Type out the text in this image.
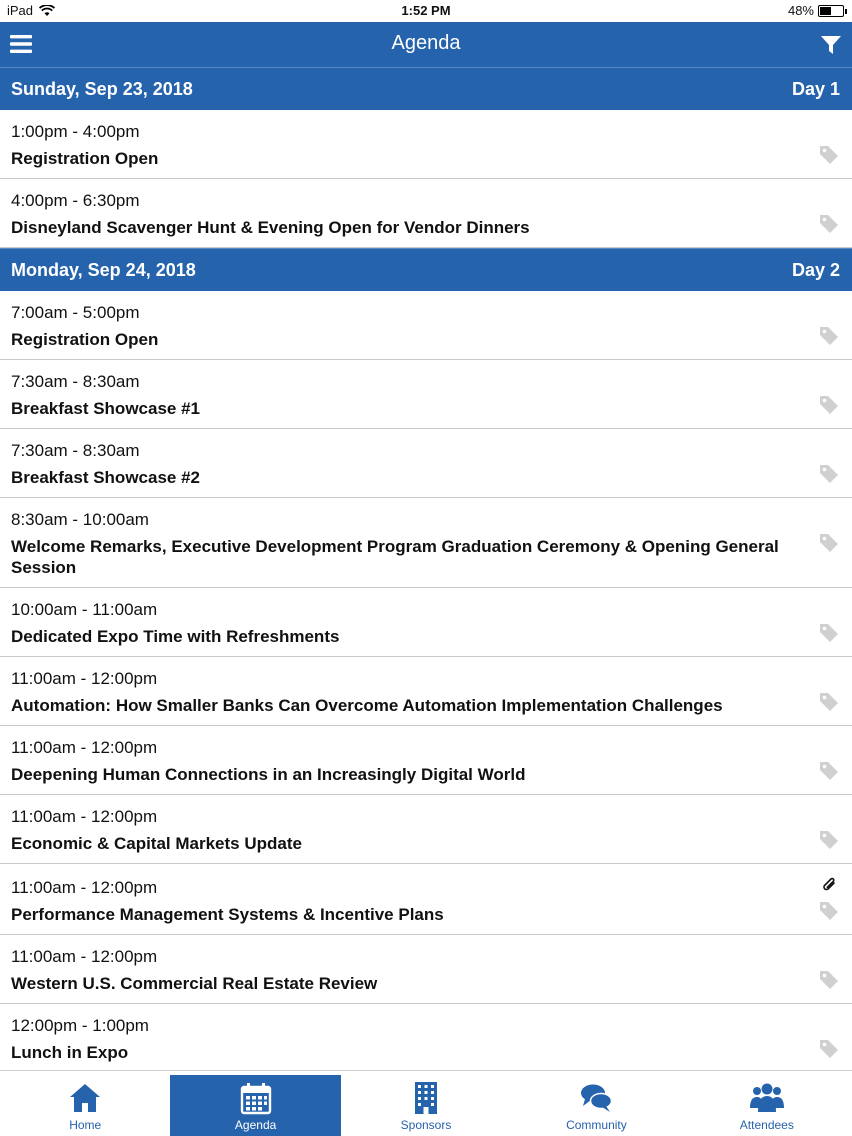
iPad	1:52 PM	48%
Agenda
Sunday, Sep 23, 2018	Day 1
1:00pm - 4:00pm
Registration Open
4:00pm - 6:30pm
Disneyland Scavenger Hunt & Evening Open for Vendor Dinners
Monday, Sep 24, 2018	Day 2
7:00am - 5:00pm
Registration Open
7:30am - 8:30am
Breakfast Showcase #1
7:30am - 8:30am
Breakfast Showcase #2
8:30am - 10:00am
Welcome Remarks, Executive Development Program Graduation Ceremony & Opening General Session
10:00am - 11:00am
Dedicated Expo Time with Refreshments
11:00am - 12:00pm
Automation: How Smaller Banks Can Overcome Automation Implementation Challenges
11:00am - 12:00pm
Deepening Human Connections in an Increasingly Digital World
11:00am - 12:00pm
Economic & Capital Markets Update
11:00am - 12:00pm
Performance Management Systems & Incentive Plans
11:00am - 12:00pm
Western U.S. Commercial Real Estate Review
12:00pm - 1:00pm
Lunch in Expo
Home	Agenda	Sponsors	Community	Attendees
